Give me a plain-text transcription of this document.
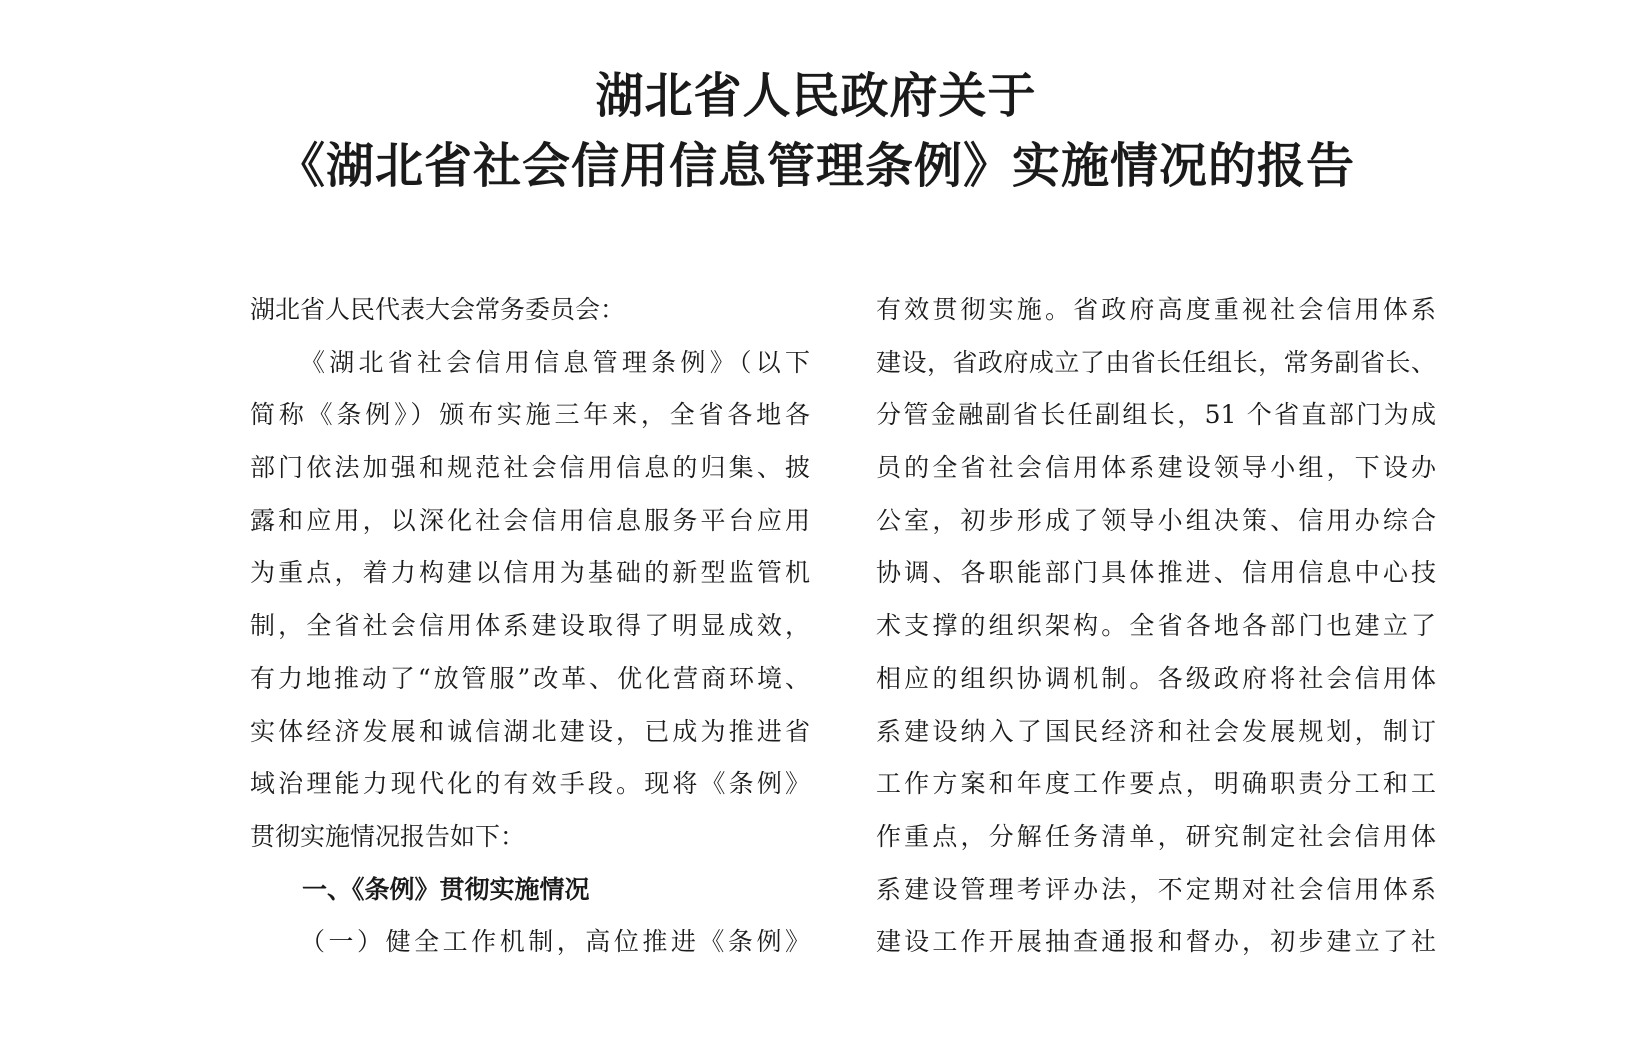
湖北省人民政府关于
《湖北省社会信用信息管理条例》实施情况的报告
湖北省人民代表大会常务委员会：
《湖北省社会信用信息管理条例》（以下
简称《条例》）颁布实施三年来，全省各地各
部门依法加强和规范社会信用信息的归集、披
露和应用，以深化社会信用信息服务平台应用
为重点，着力构建以信用为基础的新型监管机
制，全省社会信用体系建设取得了明显成效，
有力地推动了“放管服”改革、优化营商环境、
实体经济发展和诚信湖北建设，已成为推进省
域治理能力现代化的有效手段。现将《条例》
贯彻实施情况报告如下：
一、《条例》贯彻实施情况
（一）健全工作机制，高位推进《条例》
有效贯彻实施。省政府高度重视社会信用体系
建设，省政府成立了由省长任组长，常务副省长、
分管金融副省长任副组长，51 个省直部门为成
员的全省社会信用体系建设领导小组，下设办
公室，初步形成了领导小组决策、信用办综合
协调、各职能部门具体推进、信用信息中心技
术支撑的组织架构。全省各地各部门也建立了
相应的组织协调机制。各级政府将社会信用体
系建设纳入了国民经济和社会发展规划，制订
工作方案和年度工作要点，明确职责分工和工
作重点，分解任务清单，研究制定社会信用体
系建设管理考评办法，不定期对社会信用体系
建设工作开展抽查通报和督办，初步建立了社
